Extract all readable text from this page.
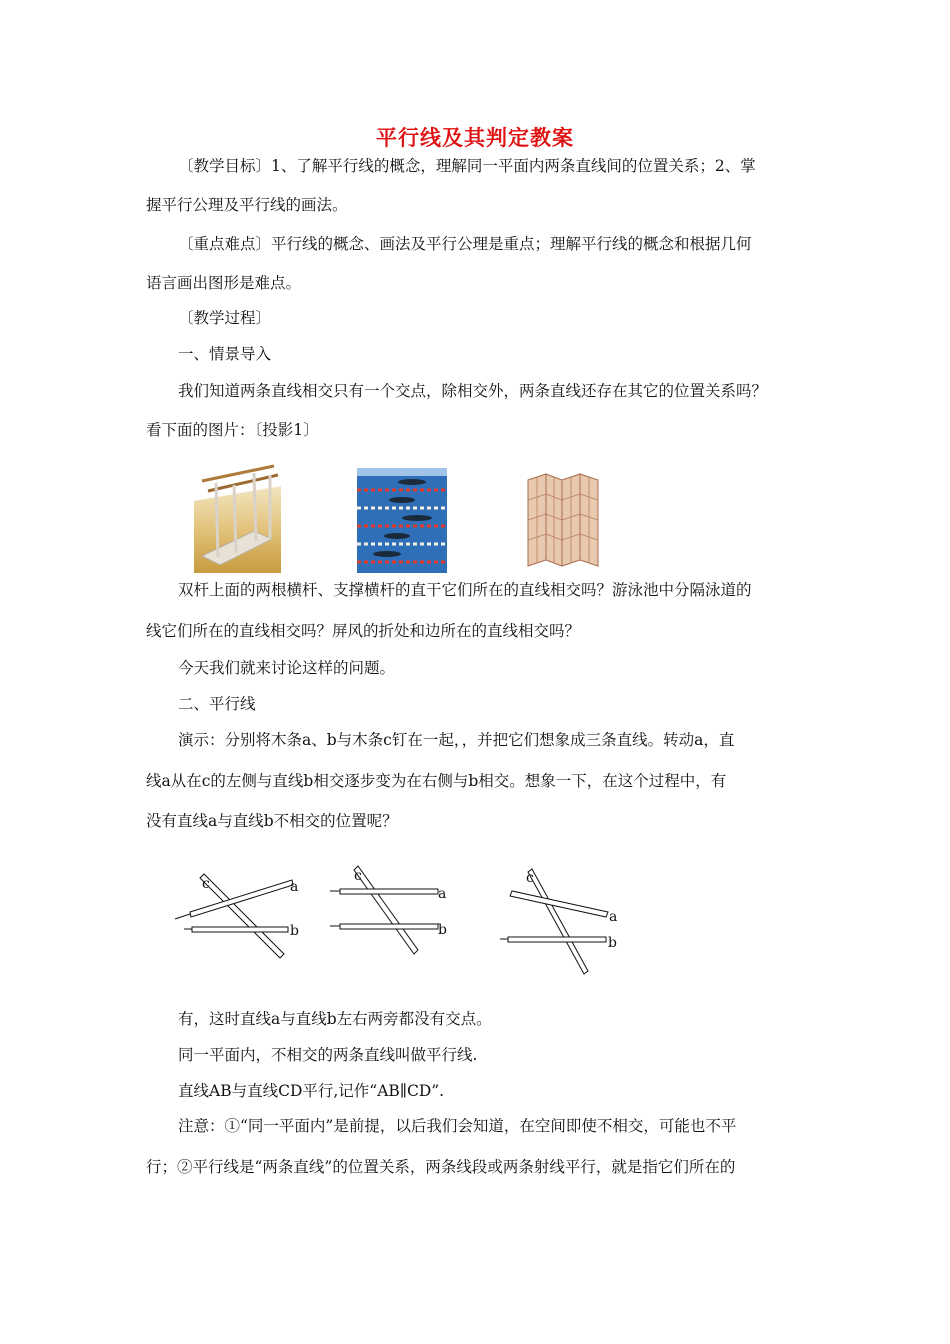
平行线及其判定教案
〔教学目标〕1、了解平行线的概念，理解同一平面内两条直线间的位置关系；2、掌
握平行公理及平行线的画法。
〔重点难点〕平行线的概念、画法及平行公理是重点；理解平行线的概念和根据几何
语言画出图形是难点。
〔教学过程〕
一、情景导入
我们知道两条直线相交只有一个交点，除相交外，两条直线还存在其它的位置关系吗？
看下面的图片：〔投影1〕
双杆上面的两根横杆、支撑横杆的直干它们所在的直线相交吗？游泳池中分隔泳道的
线它们所在的直线相交吗？屏风的折处和边所在的直线相交吗？
今天我们就来讨论这样的问题。
二、平行线
演示：分别将木条a、b与木条c钉在一起，，并把它们想象成三条直线。转动a，直
线a从在c的左侧与直线b相交逐步变为在右侧与b相交。想象一下，在这个过程中，有
没有直线a与直线b不相交的位置呢？
c	a
b
c
a
b
c
a
b
有，这时直线a与直线b左右两旁都没有交点。
同一平面内，不相交的两条直线叫做平行线.
直线AB与直线CD平行,记作“AB∥CD”.
注意：①“同一平面内”是前提，以后我们会知道，在空间即使不相交，可能也不平
行；②平行线是“两条直线”的位置关系，两条线段或两条射线平行，就是指它们所在的
